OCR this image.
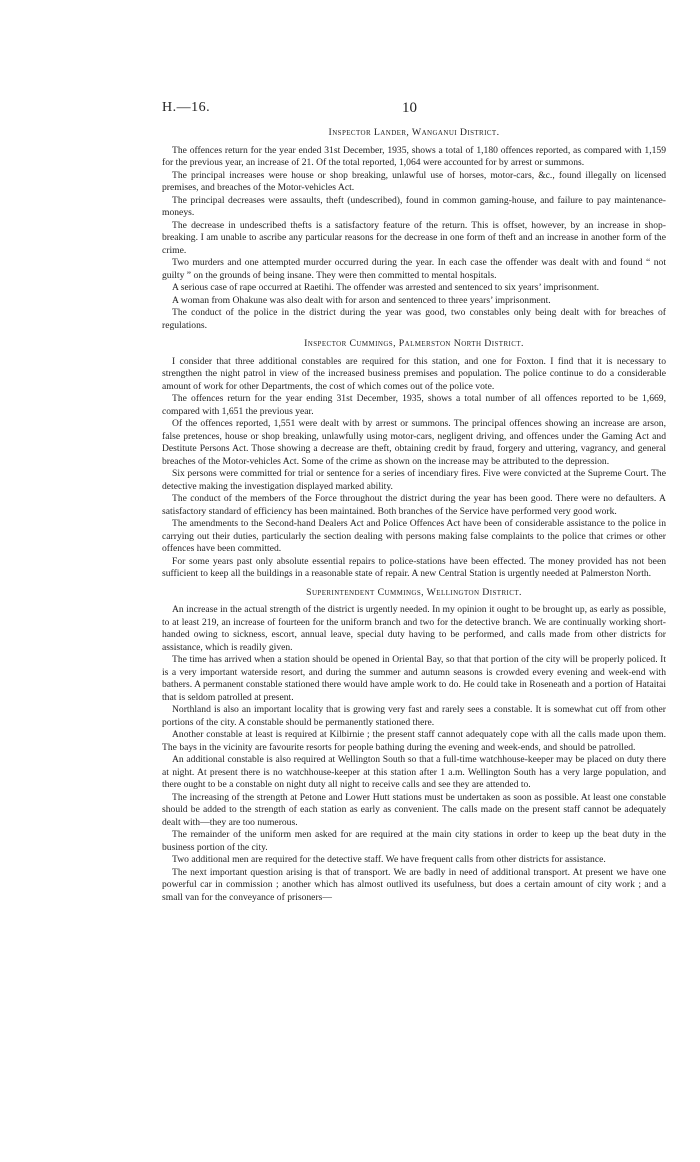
H.—16.	10
Inspector Lander, Wanganui District.

The offences return for the year ended 31st December, 1935, shows a total of 1,180 offences reported, as compared with 1,159 for the previous year, an increase of 21. Of the total reported, 1,064 were accounted for by arrest or summons.

The principal increases were house or shop breaking, unlawful use of horses, motor-cars, &c., found illegally on licensed premises, and breaches of the Motor-vehicles Act.

The principal decreases were assaults, theft (undescribed), found in common gaming-house, and failure to pay maintenance-moneys.

The decrease in undescribed thefts is a satisfactory feature of the return. This is offset, however, by an increase in shop-breaking. I am unable to ascribe any particular reasons for the decrease in one form of theft and an increase in another form of the crime.

Two murders and one attempted murder occurred during the year. In each case the offender was dealt with and found “ not guilty ” on the grounds of being insane. They were then committed to mental hospitals.

A serious case of rape occurred at Raetihi. The offender was arrested and sentenced to six years’ imprisonment.

A woman from Ohakune was also dealt with for arson and sentenced to three years’ imprisonment.

The conduct of the police in the district during the year was good, two constables only being dealt with for breaches of regulations.

Inspector Cummings, Palmerston North District.

I consider that three additional constables are required for this station, and one for Foxton. I find that it is necessary to strengthen the night patrol in view of the increased business premises and population. The police continue to do a considerable amount of work for other Departments, the cost of which comes out of the police vote.

The offences return for the year ending 31st December, 1935, shows a total number of all offences reported to be 1,669, compared with 1,651 the previous year.

Of the offences reported, 1,551 were dealt with by arrest or summons. The principal offences showing an increase are arson, false pretences, house or shop breaking, unlawfully using motor-cars, negligent driving, and offences under the Gaming Act and Destitute Persons Act. Those showing a decrease are theft, obtaining credit by fraud, forgery and uttering, vagrancy, and general breaches of the Motor-vehicles Act. Some of the crime as shown on the increase may be attributed to the depression.

Six persons were committed for trial or sentence for a series of incendiary fires. Five were convicted at the Supreme Court. The detective making the investigation displayed marked ability.

The conduct of the members of the Force throughout the district during the year has been good. There were no defaulters. A satisfactory standard of efficiency has been maintained. Both branches of the Service have performed very good work.

The amendments to the Second-hand Dealers Act and Police Offences Act have been of considerable assistance to the police in carrying out their duties, particularly the section dealing with persons making false complaints to the police that crimes or other offences have been committed.

For some years past only absolute essential repairs to police-stations have been effected. The money provided has not been sufficient to keep all the buildings in a reasonable state of repair. A new Central Station is urgently needed at Palmerston North.

Superintendent Cummings, Wellington District.

An increase in the actual strength of the district is urgently needed. In my opinion it ought to be brought up, as early as possible, to at least 219, an increase of fourteen for the uniform branch and two for the detective branch. We are continually working short-handed owing to sickness, escort, annual leave, special duty having to be performed, and calls made from other districts for assistance, which is readily given.

The time has arrived when a station should be opened in Oriental Bay, so that that portion of the city will be properly policed. It is a very important waterside resort, and during the summer and autumn seasons is crowded every evening and week-end with bathers. A permanent constable stationed there would have ample work to do. He could take in Roseneath and a portion of Hataitai that is seldom patrolled at present.

Northland is also an important locality that is growing very fast and rarely sees a constable. It is somewhat cut off from other portions of the city. A constable should be permanently stationed there.

Another constable at least is required at Kilbirnie ; the present staff cannot adequately cope with all the calls made upon them. The bays in the vicinity are favourite resorts for people bathing during the evening and week-ends, and should be patrolled.

An additional constable is also required at Wellington South so that a full-time watchhouse-keeper may be placed on duty there at night. At present there is no watchhouse-keeper at this station after 1 a.m. Wellington South has a very large population, and there ought to be a constable on night duty all night to receive calls and see they are attended to.

The increasing of the strength at Petone and Lower Hutt stations must be undertaken as soon as possible. At least one constable should be added to the strength of each station as early as convenient. The calls made on the present staff cannot be adequately dealt with—they are too numerous.

The remainder of the uniform men asked for are required at the main city stations in order to keep up the beat duty in the business portion of the city.

Two additional men are required for the detective staff. We have frequent calls from other districts for assistance.

The next important question arising is that of transport. We are badly in need of additional transport. At present we have one powerful car in commission ; another which has almost outlived its usefulness, but does a certain amount of city work ; and a small van for the conveyance of prisoners—
